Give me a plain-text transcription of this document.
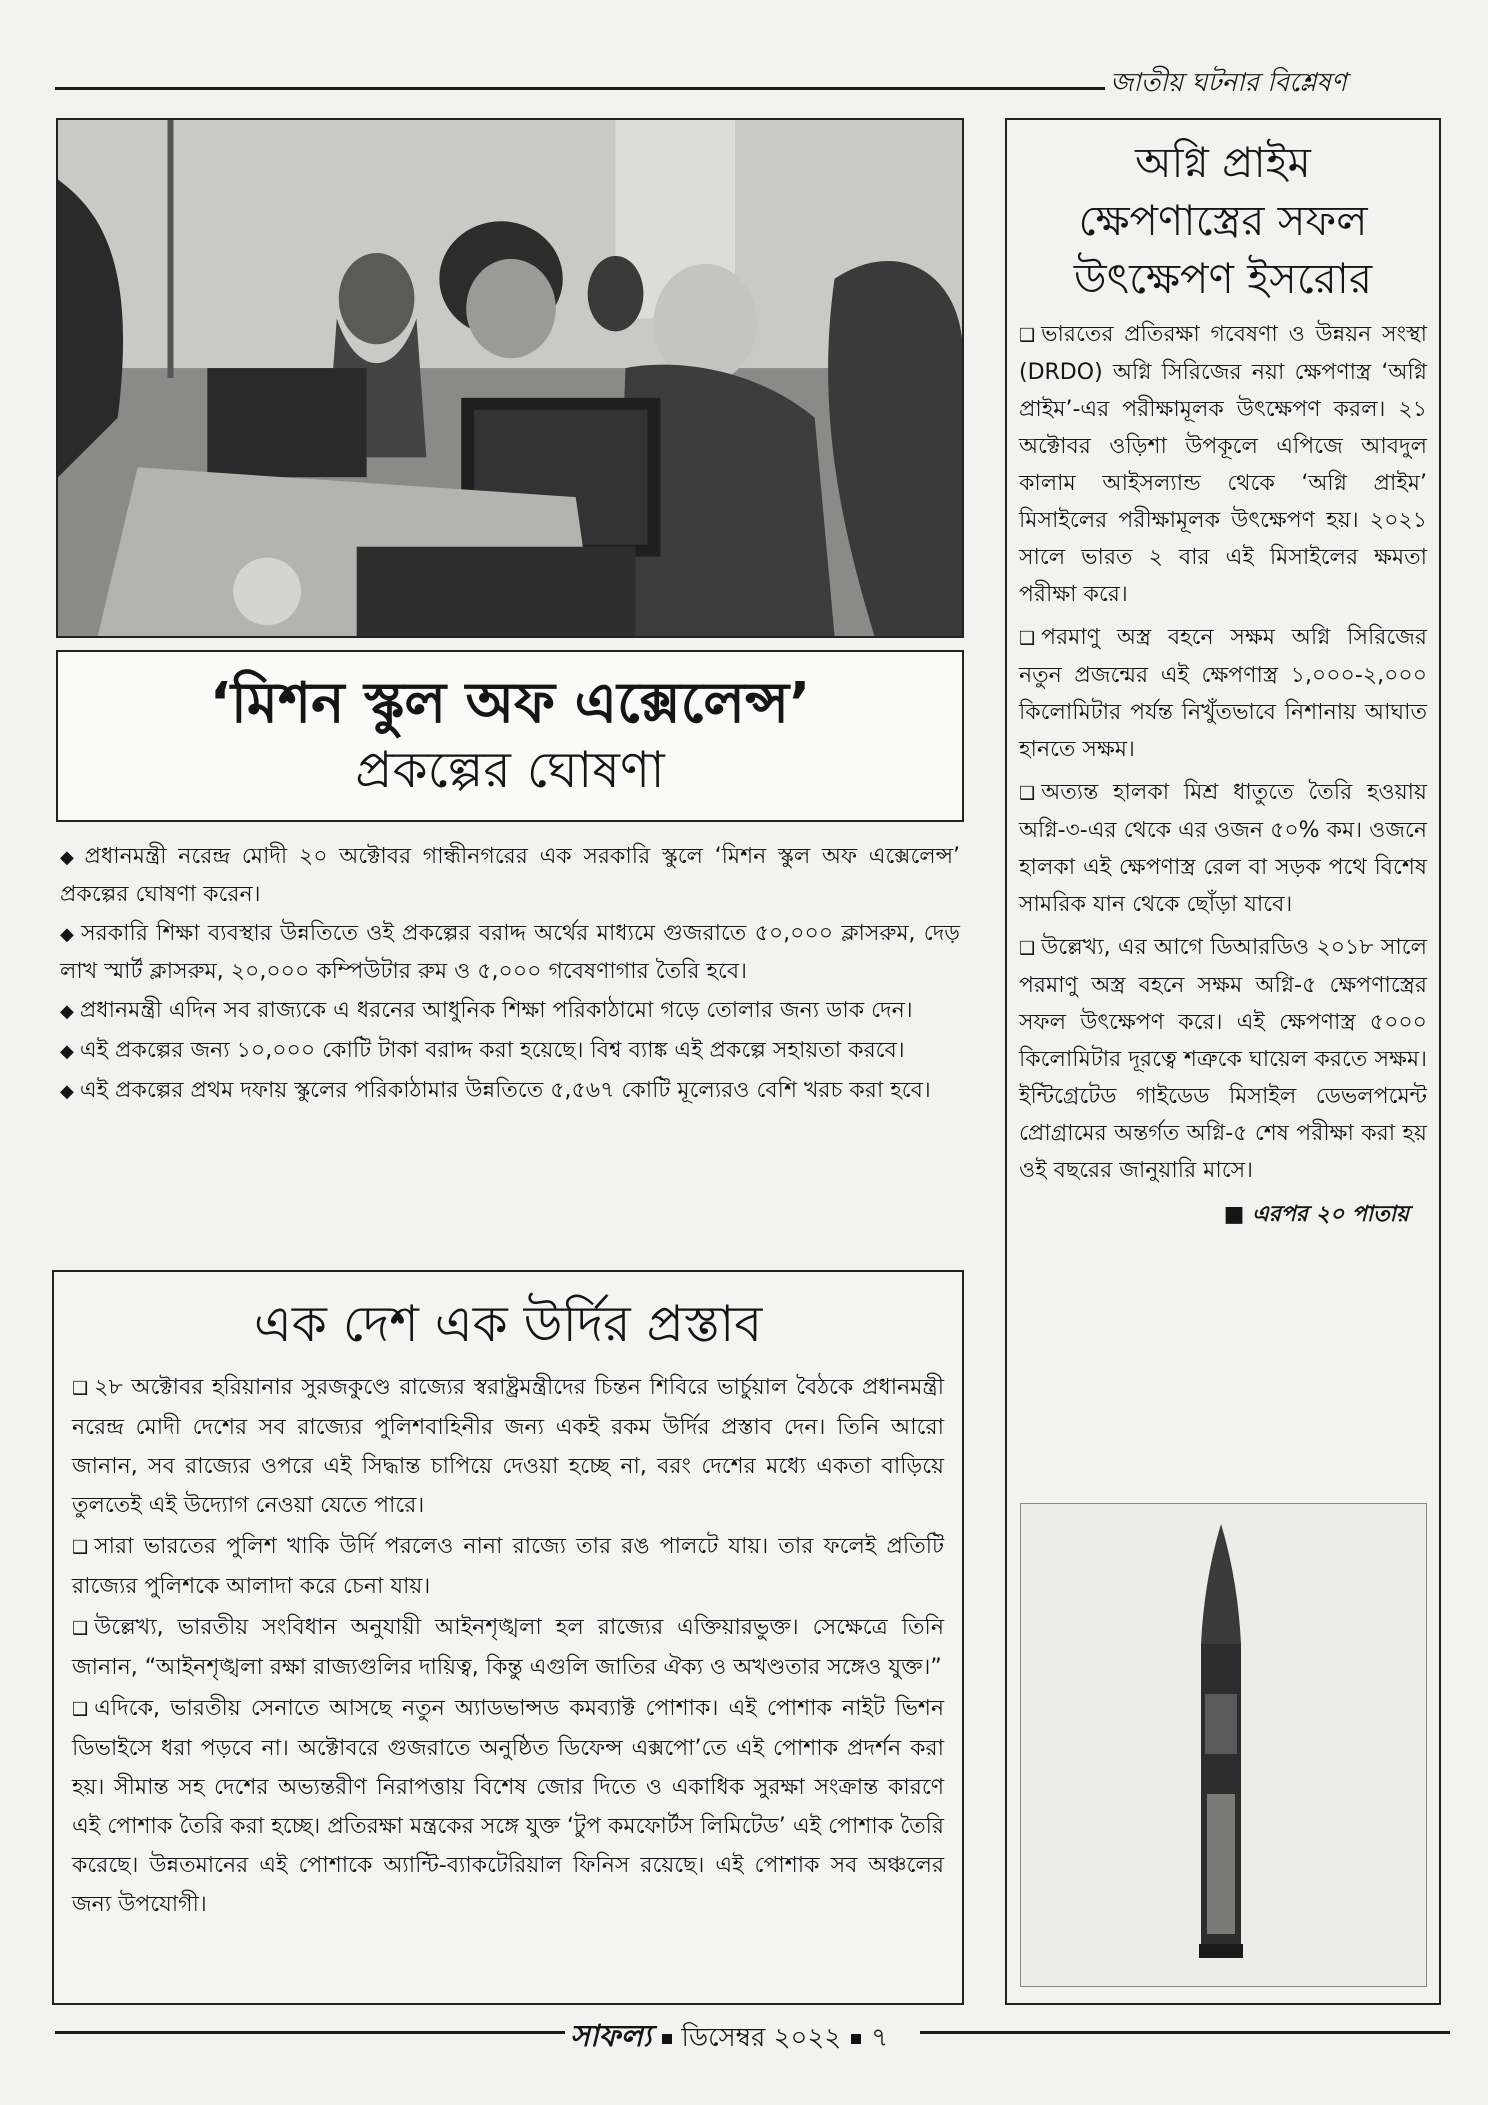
জাতীয় ঘটনার বিশ্লেষণ
‘মিশন স্কুল অফ এক্সেলেন্স’
প্রকল্পের ঘোষণা

◆ প্রধানমন্ত্রী নরেন্দ্র মোদী ২০ অক্টোবর গান্ধীনগরের এক সরকারি স্কুলে ‘মিশন স্কুল অফ এক্সেলেন্স’ প্রকল্পের ঘোষণা করেন।

◆ সরকারি শিক্ষা ব্যবস্থার উন্নতিতে ওই প্রকল্পের বরাদ্দ অর্থের মাধ্যমে গুজরাতে ৫০,০০০ ক্লাসরুম, দেড় লাখ স্মার্ট ক্লাসরুম, ২০,০০০ কম্পিউটার রুম ও ৫,০০০ গবেষণাগার তৈরি হবে।

◆ প্রধানমন্ত্রী এদিন সব রাজ্যকে এ ধরনের আধুনিক শিক্ষা পরিকাঠামো গড়ে তোলার জন্য ডাক দেন।

◆ এই প্রকল্পের জন্য ১০,০০০ কোটি টাকা বরাদ্দ করা হয়েছে। বিশ্ব ব্যাঙ্ক এই প্রকল্পে সহায়তা করবে।

◆ এই প্রকল্পের প্রথম দফায় স্কুলের পরিকাঠামার উন্নতিতে ৫,৫৬৭ কোটি মূল্যেরও বেশি খরচ করা হবে।

এক দেশ এক উর্দির প্রস্তাব

❑ ২৮ অক্টোবর হরিয়ানার সুরজকুণ্ডে রাজ্যের স্বরাষ্ট্রমন্ত্রীদের চিন্তন শিবিরে ভার্চুয়াল বৈঠকে প্রধানমন্ত্রী নরেন্দ্র মোদী দেশের সব রাজ্যের পুলিশবাহিনীর জন্য একই রকম উর্দির প্রস্তাব দেন। তিনি আরো জানান, সব রাজ্যের ওপরে এই সিদ্ধান্ত চাপিয়ে দেওয়া হচ্ছে না, বরং দেশের মধ্যে একতা বাড়িয়ে তুলতেই এই উদ্যোগ নেওয়া যেতে পারে।

❑ সারা ভারতের পুলিশ খাকি উর্দি পরলেও নানা রাজ্যে তার রঙ পালটে যায়। তার ফলেই প্রতিটি রাজ্যের পুলিশকে আলাদা করে চেনা যায়।

❑ উল্লেখ্য, ভারতীয় সংবিধান অনুযায়ী আইনশৃঙ্খলা হল রাজ্যের এক্তিয়ারভুক্ত। সেক্ষেত্রে তিনি জানান, “আইনশৃঙ্খলা রক্ষা রাজ্যগুলির দায়িত্ব, কিন্তু এগুলি জাতির ঐক্য ও অখণ্ডতার সঙ্গেও যুক্ত।”

❑ এদিকে, ভারতীয় সেনাতে আসছে নতুন অ্যাডভান্সড কমব্যাক্ট পোশাক। এই পোশাক নাইট ভিশন ডিভাইসে ধরা পড়বে না। অক্টোবরে গুজরাতে অনুষ্ঠিত ডিফেন্স এক্সপো’তে এই পোশাক প্রদর্শন করা হয়। সীমান্ত সহ দেশের অভ্যন্তরীণ নিরাপত্তায় বিশেষ জোর দিতে ও একাধিক সুরক্ষা সংক্রান্ত কারণে এই পোশাক তৈরি করা হচ্ছে। প্রতিরক্ষা মন্ত্রকের সঙ্গে যুক্ত ‘টুপ কমফোর্টস লিমিটেড’ এই পোশাক তৈরি করেছে। উন্নতমানের এই পোশাকে অ্যান্টি-ব্যাকটেরিয়াল ফিনিস রয়েছে। এই পোশাক সব অঞ্চলের জন্য উপযোগী।

অগ্নি প্রাইম
ক্ষেপণাস্ত্রের সফল
উৎক্ষেপণ ইসরোর

❑ ভারতের প্রতিরক্ষা গবেষণা ও উন্নয়ন সংস্থা (DRDO) অগ্নি সিরিজের নয়া ক্ষেপণাস্ত্র ‘অগ্নি প্রাইম’-এর পরীক্ষামূলক উৎক্ষেপণ করল। ২১ অক্টোবর ওড়িশা উপকূলে এপিজে আবদুল কালাম আইসল্যান্ড থেকে ‘অগ্নি প্রাইম’ মিসাইলের পরীক্ষামূলক উৎক্ষেপণ হয়। ২০২১ সালে ভারত ২ বার এই মিসাইলের ক্ষমতা পরীক্ষা করে।

❑ পরমাণু অস্ত্র বহনে সক্ষম অগ্নি সিরিজের নতুন প্রজন্মের এই ক্ষেপণাস্ত্র ১,০০০-২,০০০ কিলোমিটার পর্যন্ত নিখুঁতভাবে নিশানায় আঘাত হানতে সক্ষম।

❑ অত্যন্ত হালকা মিশ্র ধাতুতে তৈরি হওয়ায় অগ্নি-৩-এর থেকে এর ওজন ৫০% কম। ওজনে হালকা এই ক্ষেপণাস্ত্র রেল বা সড়ক পথে বিশেষ সামরিক যান থেকে ছোঁড়া যাবে।

❑ উল্লেখ্য, এর আগে ডিআরডিও ২০১৮ সালে পরমাণু অস্ত্র বহনে সক্ষম অগ্নি-৫ ক্ষেপণাস্ত্রের সফল উৎক্ষেপণ করে। এই ক্ষেপণাস্ত্র ৫০০০ কিলোমিটার দূরত্বে শত্রুকে ঘায়েল করতে সক্ষম। ইন্টিগ্রেটেড গাইডেড মিসাইল ডেভলপমেন্ট প্রোগ্রামের অন্তর্গত অগ্নি-৫ শেষ পরীক্ষা করা হয় ওই বছরের জানুয়ারি মাসে।

■ এরপর ২০ পাতায়
সাফল্য ডিসেম্বর ২০২২ ৭
